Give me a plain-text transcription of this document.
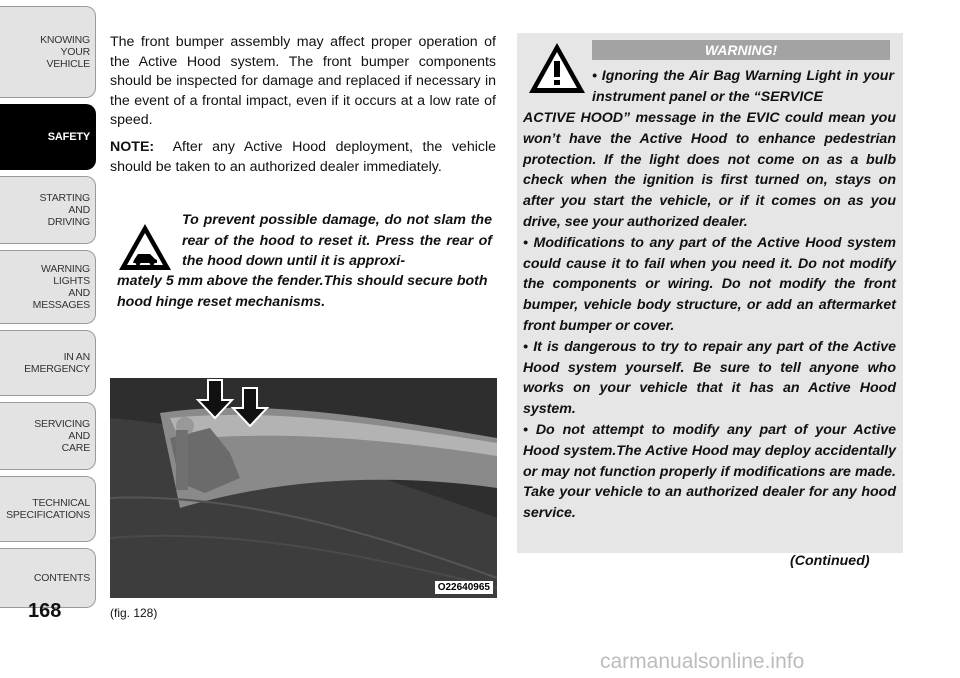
KNOWING
YOUR
VEHICLE
SAFETY
STARTING
AND
DRIVING
WARNING
LIGHTS
AND
MESSAGES
IN AN
EMERGENCY
SERVICING
AND
CARE
TECHNICAL
SPECIFICATIONS
CONTENTS
168
The front bumper assembly may affect proper operation of the Active Hood system. The front bumper components should be inspected for damage and replaced if necessary in the event of a frontal impact, even if it occurs at a low rate of speed.
NOTE: After any Active Hood deployment, the vehicle should be taken to an authorized dealer immediately.
To prevent possible damage, do not slam the rear of the hood to reset it. Press the rear of the hood down until it is approxi-
mately 5 mm above the fender.This should secure both hood hinge reset mechanisms.
O22640965
(fig. 128)
WARNING!
• Ignoring the Air Bag Warning Light in your instrument panel or the “SERVICE

ACTIVE HOOD” message in the EVIC could mean you won’t have the Active Hood to enhance pedestrian protection. If the light does not come on as a bulb check when the ignition is first turned on, stays on after you start the vehicle, or if it comes on as you drive, see your authorized dealer.

• Modifications to any part of the Active Hood system could cause it to fail when you need it. Do not modify the components or wiring. Do not modify the front bumper, vehicle body structure, or add an aftermarket front bumper or cover.

• It is dangerous to try to repair any part of the Active Hood system yourself. Be sure to tell anyone who works on your vehicle that it has an Active Hood system.

• Do not attempt to modify any part of your Active Hood system.The Active Hood may deploy accidentally or may not function properly if modifications are made. Take your vehicle to an authorized dealer for any hood service.

(Continued)
carmanualsonline.info
